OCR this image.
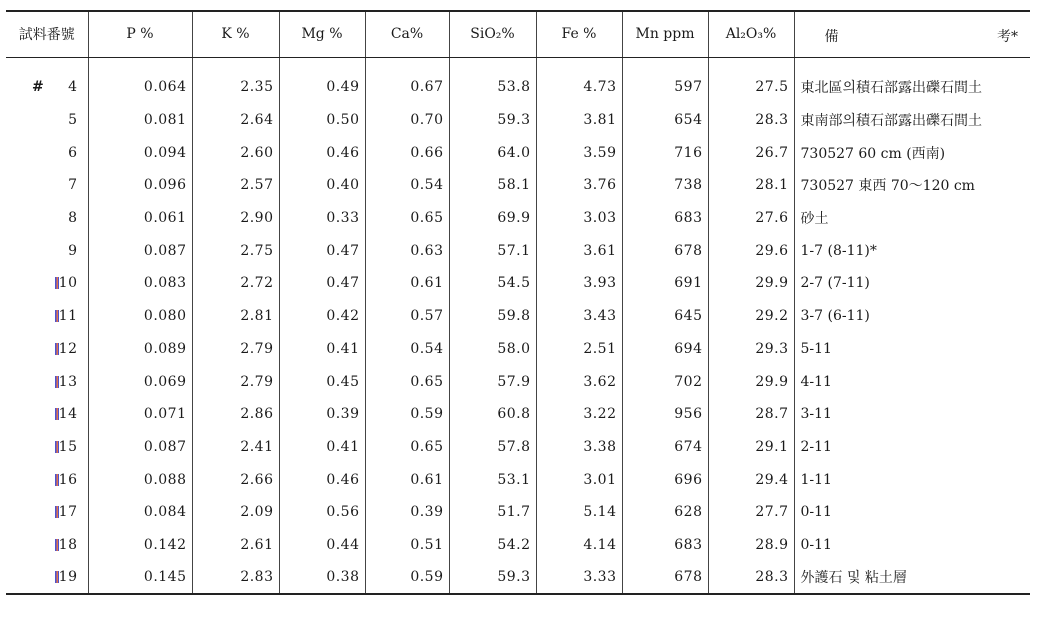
試料番號	P %	K %	Mg %	Ca%	SiO₂%	Fe %	Mn ppm	Al₂O₃%	備 考*

# 4	0.064	2.35	0.49	0.67	53.8	4.73	597	27.5	東北區의積石部露出礫石間土
5	0.081	2.64	0.50	0.70	59.3	3.81	654	28.3	東南部의積石部露出礫石間土
6	0.094	2.60	0.46	0.66	64.0	3.59	716	26.7	730527 60 cm (西南)
7	0.096	2.57	0.40	0.54	58.1	3.76	738	28.1	730527 東西 70〜120 cm
8	0.061	2.90	0.33	0.65	69.9	3.03	683	27.6	砂土
9	0.087	2.75	0.47	0.63	57.1	3.61	678	29.6	1-7 (8-11)*
10	0.083	2.72	0.47	0.61	54.5	3.93	691	29.9	2-7 (7-11)
11	0.080	2.81	0.42	0.57	59.8	3.43	645	29.2	3-7 (6-11)
12	0.089	2.79	0.41	0.54	58.0	2.51	694	29.3	5-11
13	0.069	2.79	0.45	0.65	57.9	3.62	702	29.9	4-11
14	0.071	2.86	0.39	0.59	60.8	3.22	956	28.7	3-11
15	0.087	2.41	0.41	0.65	57.8	3.38	674	29.1	2-11
16	0.088	2.66	0.46	0.61	53.1	3.01	696	29.4	1-11
17	0.084	2.09	0.56	0.39	51.7	5.14	628	27.7	0-11
18	0.142	2.61	0.44	0.51	54.2	4.14	683	28.9	0-11
19	0.145	2.83	0.38	0.59	59.3	3.33	678	28.3	外護石 및 粘土層
